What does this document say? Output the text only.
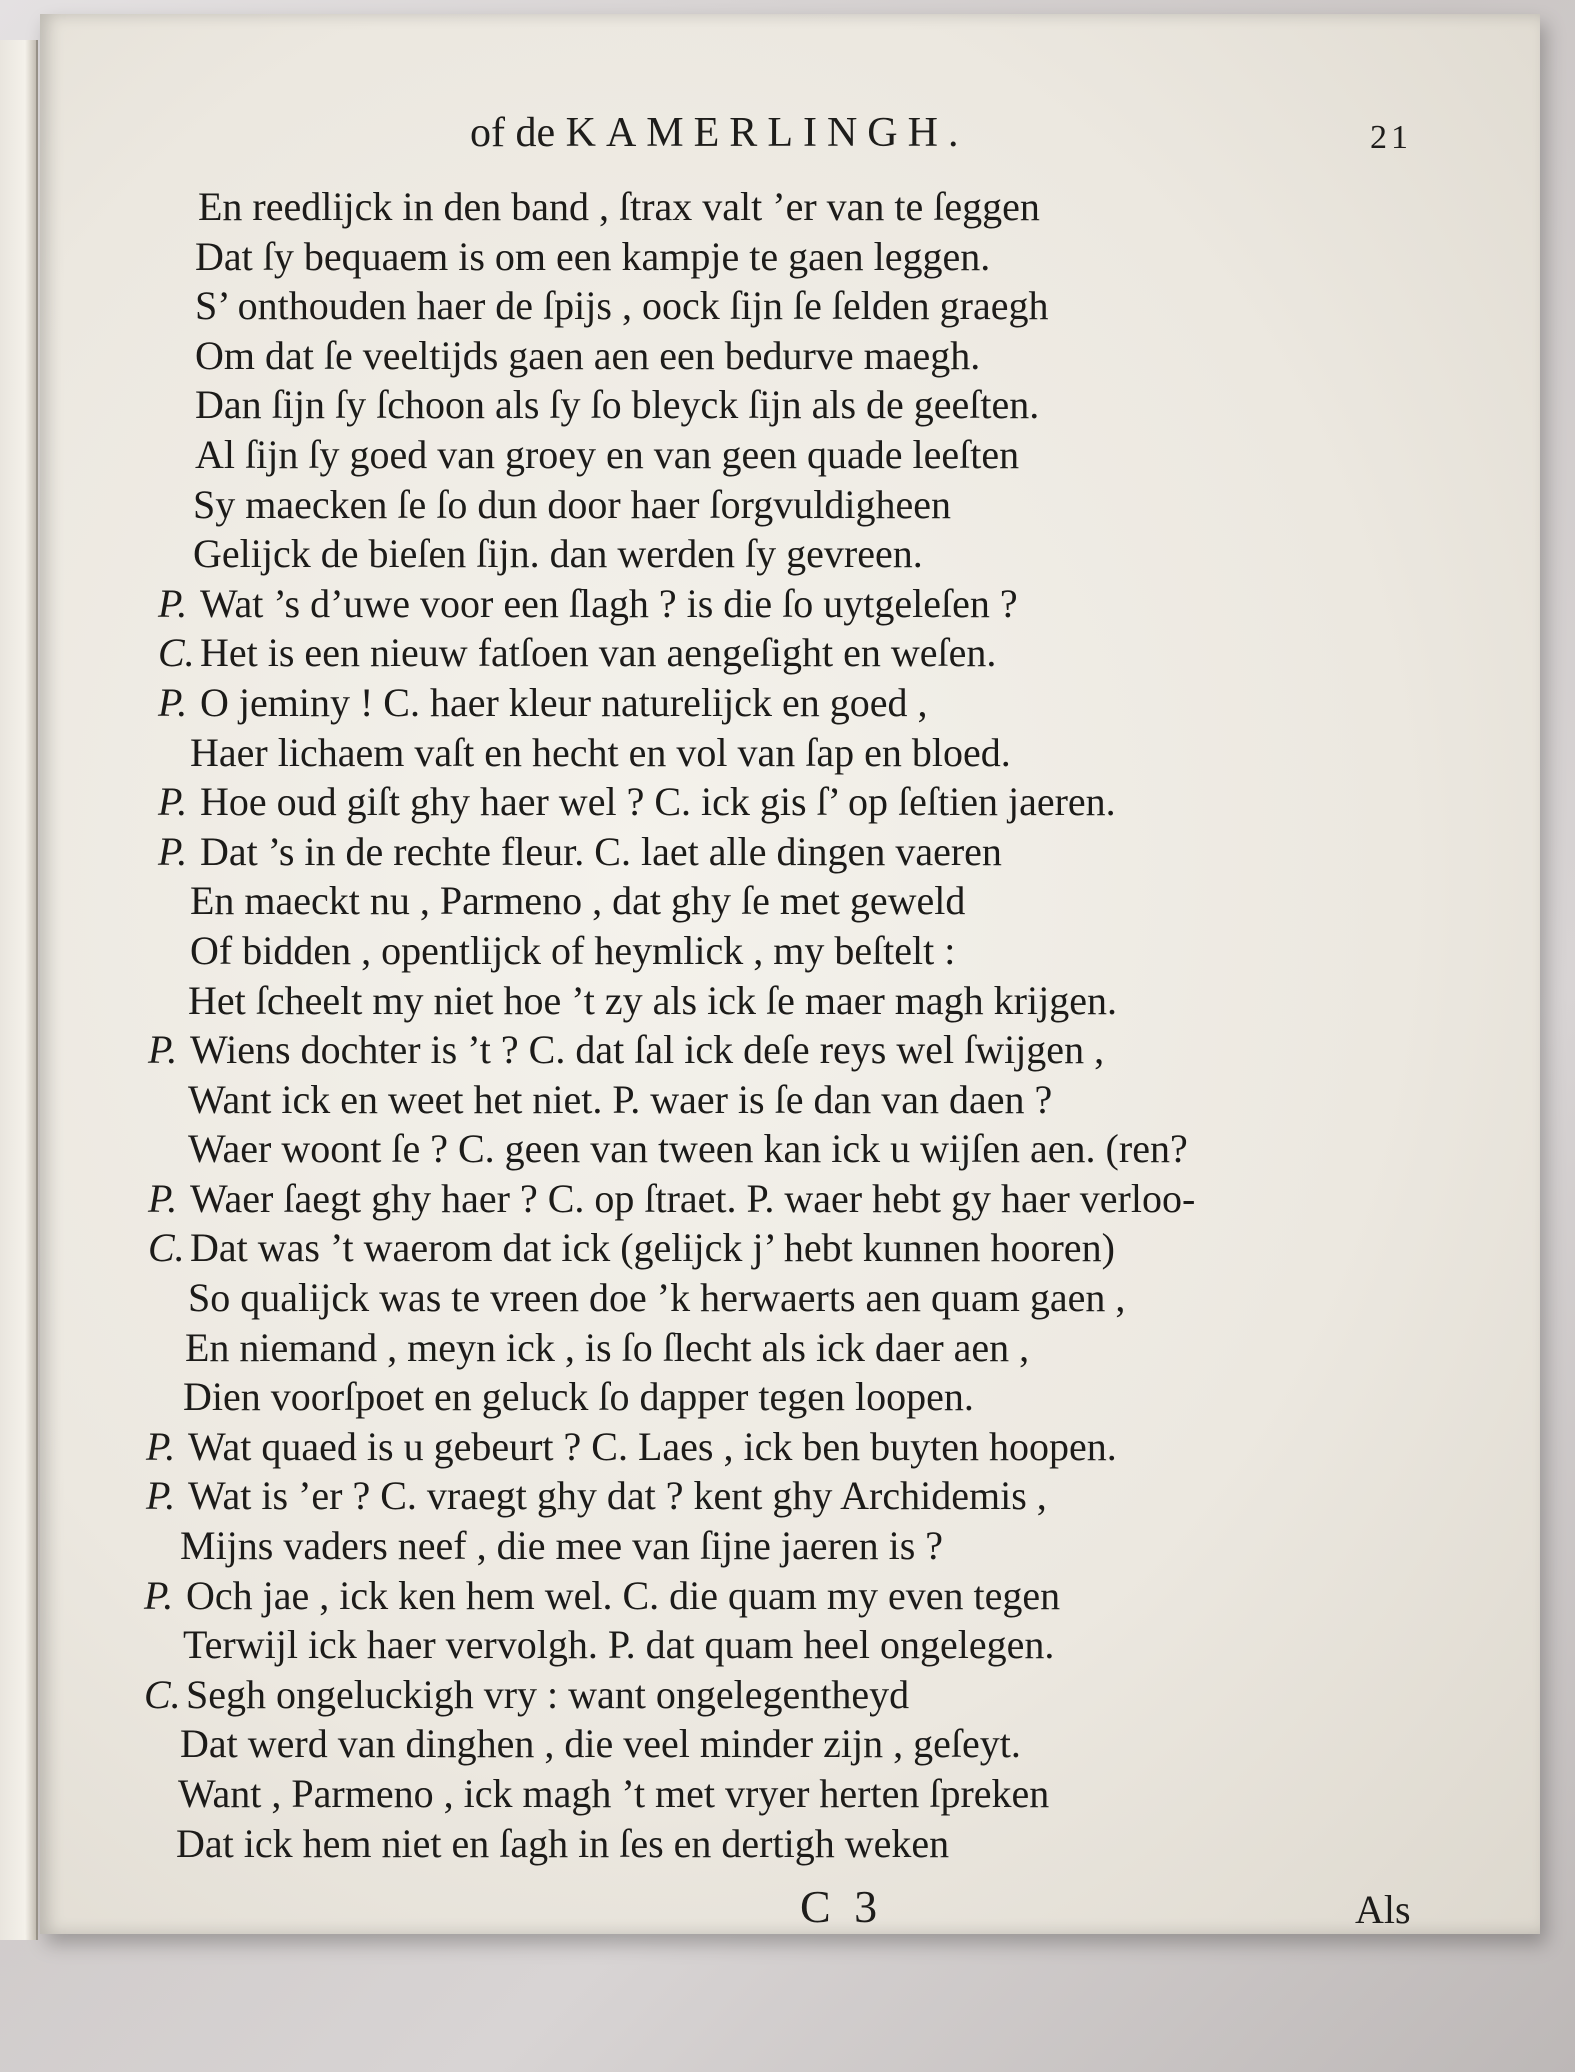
of de KAMERLINGH.	21
En reedlijck in den band , ſtrax valt ’er van te ſeggen
Dat ſy bequaem is om een kampje te gaen leggen.
S’ onthouden haer de ſpijs , oock ſijn ſe ſelden graegh
Om dat ſe veeltijds gaen aen een bedurve maegh.
Dan ſijn ſy ſchoon als ſy ſo bleyck ſijn als de geeſten.
Al ſijn ſy goed van groey en van geen quade leeſten
Sy maecken ſe ſo dun door haer ſorgvuldigheen
Gelijck de bieſen ſijn. dan werden ſy gevreen.
P. Wat ’s d’uwe voor een ſlagh ? is die ſo uytgeleſen ?
C. Het is een nieuw fatſoen van aengeſight en weſen.
P. O jeminy ! C. haer kleur naturelijck en goed ,
Haer lichaem vaſt en hecht en vol van ſap en bloed.
P. Hoe oud giſt ghy haer wel ? C. ick gis ſ’ op ſeſtien jaeren.
P. Dat ’s in de rechte fleur. C. laet alle dingen vaeren
En maeckt nu , Parmeno , dat ghy ſe met geweld
Of bidden , opentlijck of heymlick , my beſtelt :
Het ſcheelt my niet hoe ’t zy als ick ſe maer magh krijgen.
P. Wiens dochter is ’t ? C. dat ſal ick deſe reys wel ſwijgen ,
Want ick en weet het niet. P. waer is ſe dan van daen ?
Waer woont ſe ? C. geen van tween kan ick u wijſen aen. (ren?
P. Waer ſaegt ghy haer ? C. op ſtraet. P. waer hebt gy haer verloo-
C. Dat was ’t waerom dat ick (gelijck j’ hebt kunnen hooren)
So qualijck was te vreen doe ’k herwaerts aen quam gaen ,
En niemand , meyn ick , is ſo ſlecht als ick daer aen ,
Dien voorſpoet en geluck ſo dapper tegen loopen.
P. Wat quaed is u gebeurt ? C. Laes , ick ben buyten hoopen.
P. Wat is ’er ? C. vraegt ghy dat ? kent ghy Archidemis ,
Mijns vaders neef , die mee van ſijne jaeren is ?
P. Och jae , ick ken hem wel. C. die quam my even tegen
Terwijl ick haer vervolgh. P. dat quam heel ongelegen.
C. Segh ongeluckigh vry : want ongelegentheyd
Dat werd van dinghen , die veel minder zijn , geſeyt.
Want , Parmeno , ick magh ’t met vryer herten ſpreken
Dat ick hem niet en ſagh in ſes en dertigh weken
C 3	Als
